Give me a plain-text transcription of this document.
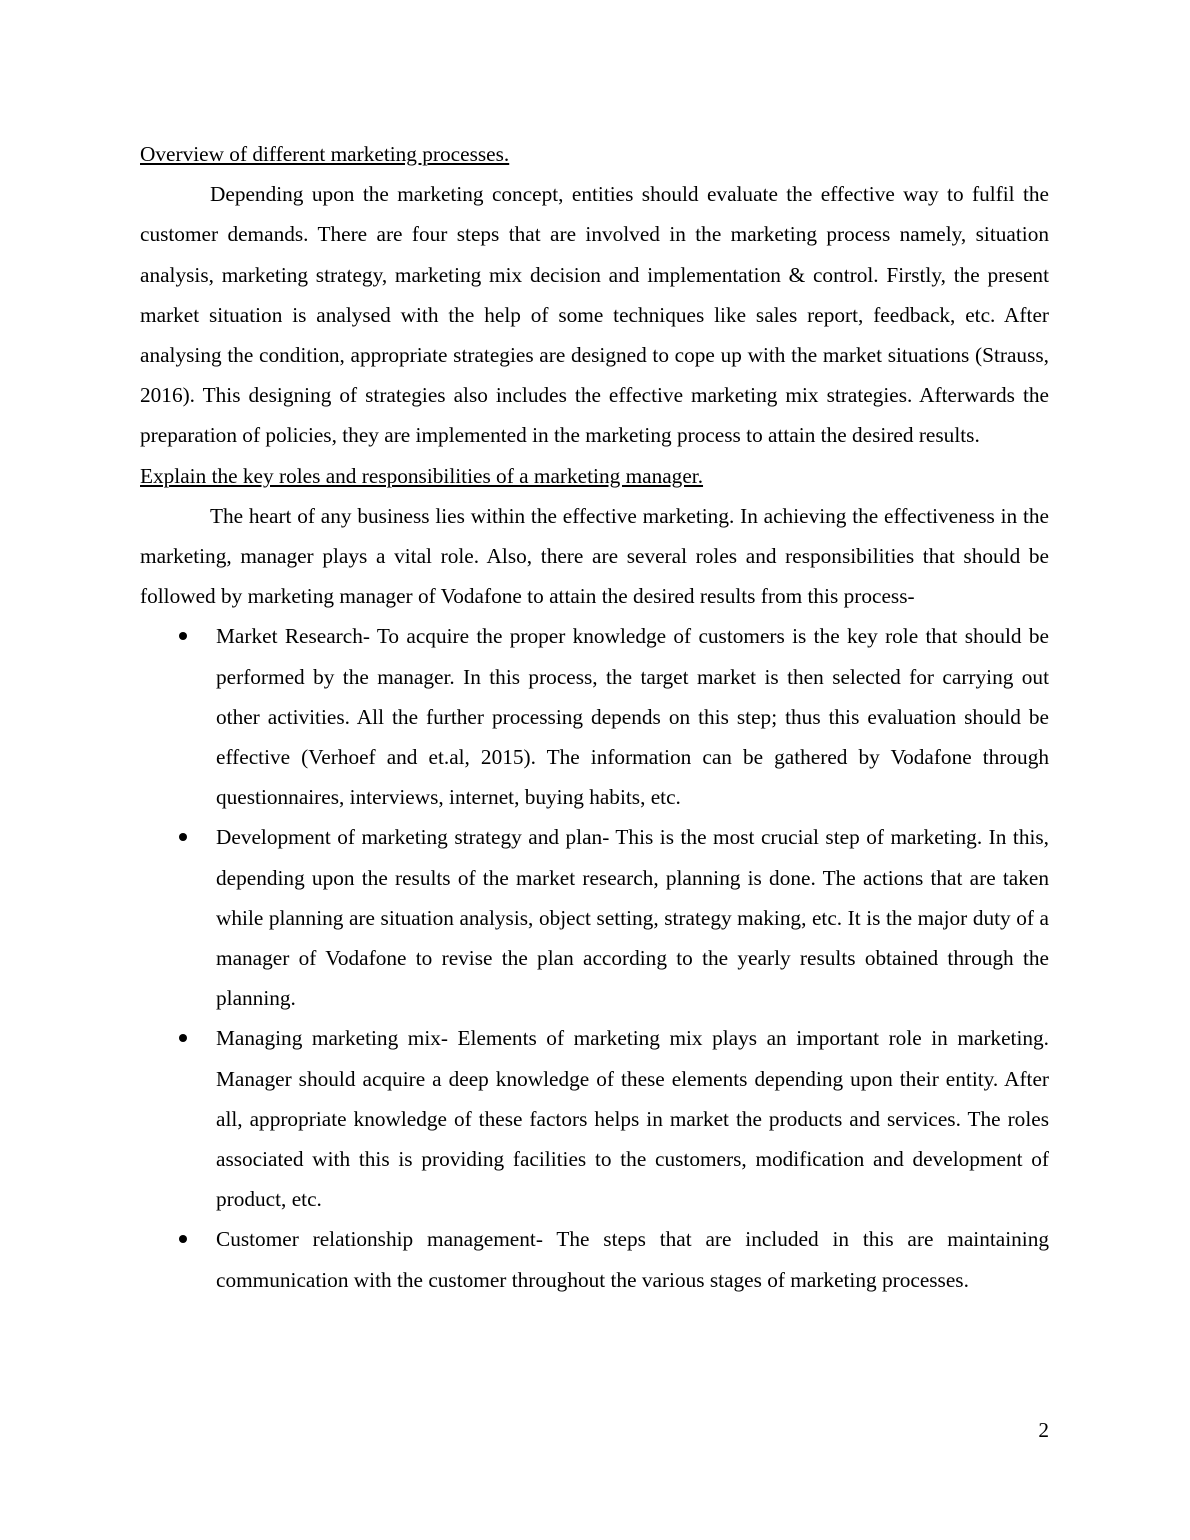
Overview of different marketing processes.

Depending upon the marketing concept, entities should evaluate the effective way to fulfil the customer demands. There are four steps that are involved in the marketing process namely, situation analysis, marketing strategy, marketing mix decision and implementation & control. Firstly, the present market situation is analysed with the help of some techniques like sales report, feedback, etc. After analysing the condition, appropriate strategies are designed to cope up with the market situations (Strauss, 2016). This designing of strategies also includes the effective marketing mix strategies. Afterwards the preparation of policies, they are implemented in the marketing process to attain the desired results.

Explain the key roles and responsibilities of a marketing manager.

The heart of any business lies within the effective marketing. In achieving the effectiveness in the marketing, manager plays a vital role. Also, there are several roles and responsibilities that should be followed by marketing manager of Vodafone to attain the desired results from this process-

Market Research- To acquire the proper knowledge of customers is the key role that should be performed by the manager. In this process, the target market is then selected for carrying out other activities. All the further processing depends on this step; thus this evaluation should be effective (Verhoef and et.al, 2015). The information can be gathered by Vodafone through questionnaires, interviews, internet, buying habits, etc.
Development of marketing strategy and plan- This is the most crucial step of marketing. In this, depending upon the results of the market research, planning is done. The actions that are taken while planning are situation analysis, object setting, strategy making, etc. It is the major duty of a manager of Vodafone to revise the plan according to the yearly results obtained through the planning.
Managing marketing mix- Elements of marketing mix plays an important role in marketing. Manager should acquire a deep knowledge of these elements depending upon their entity. After all, appropriate knowledge of these factors helps in market the products and services. The roles associated with this is providing facilities to the customers, modification and development of product, etc.
Customer relationship management- The steps that are included in this are maintaining communication with the customer throughout the various stages of marketing processes.
2
